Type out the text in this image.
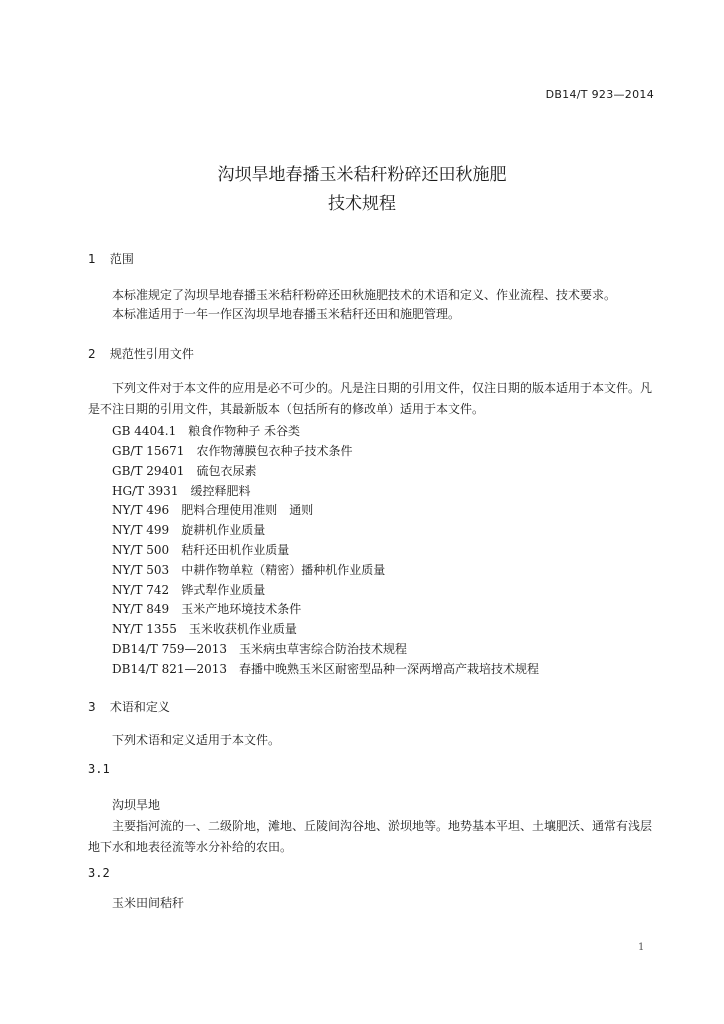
DB14/T 923—2014
沟坝旱地春播玉米秸秆粉碎还田秋施肥
技术规程
1 范围
本标准规定了沟坝旱地春播玉米秸秆粉碎还田秋施肥技术的术语和定义、作业流程、技术要求。
本标准适用于一年一作区沟坝旱地春播玉米秸秆还田和施肥管理。
2 规范性引用文件
下列文件对于本文件的应用是必不可少的。凡是注日期的引用文件，仅注日期的版本适用于本文件。凡是不注日期的引用文件，其最新版本（包括所有的修改单）适用于本文件。
GB 4404.1　粮食作物种子 禾谷类
GB/T 15671　农作物薄膜包衣种子技术条件
GB/T 29401　硫包衣尿素
HG/T 3931　缓控释肥料
NY/T 496　肥料合理使用准则　通则
NY/T 499　旋耕机作业质量
NY/T 500　秸秆还田机作业质量
NY/T 503　中耕作物单粒（精密）播种机作业质量
NY/T 742　铧式犁作业质量
NY/T 849　玉米产地环境技术条件
NY/T 1355　玉米收获机作业质量
DB14/T 759—2013　玉米病虫草害综合防治技术规程
DB14/T 821—2013　春播中晚熟玉米区耐密型品种一深两增高产栽培技术规程
3 术语和定义
下列术语和定义适用于本文件。
3.1
沟坝旱地
主要指河流的一、二级阶地，滩地、丘陵间沟谷地、淤坝地等。地势基本平坦、土壤肥沃、通常有浅层地下水和地表径流等水分补给的农田。
3.2
玉米田间秸秆
1
